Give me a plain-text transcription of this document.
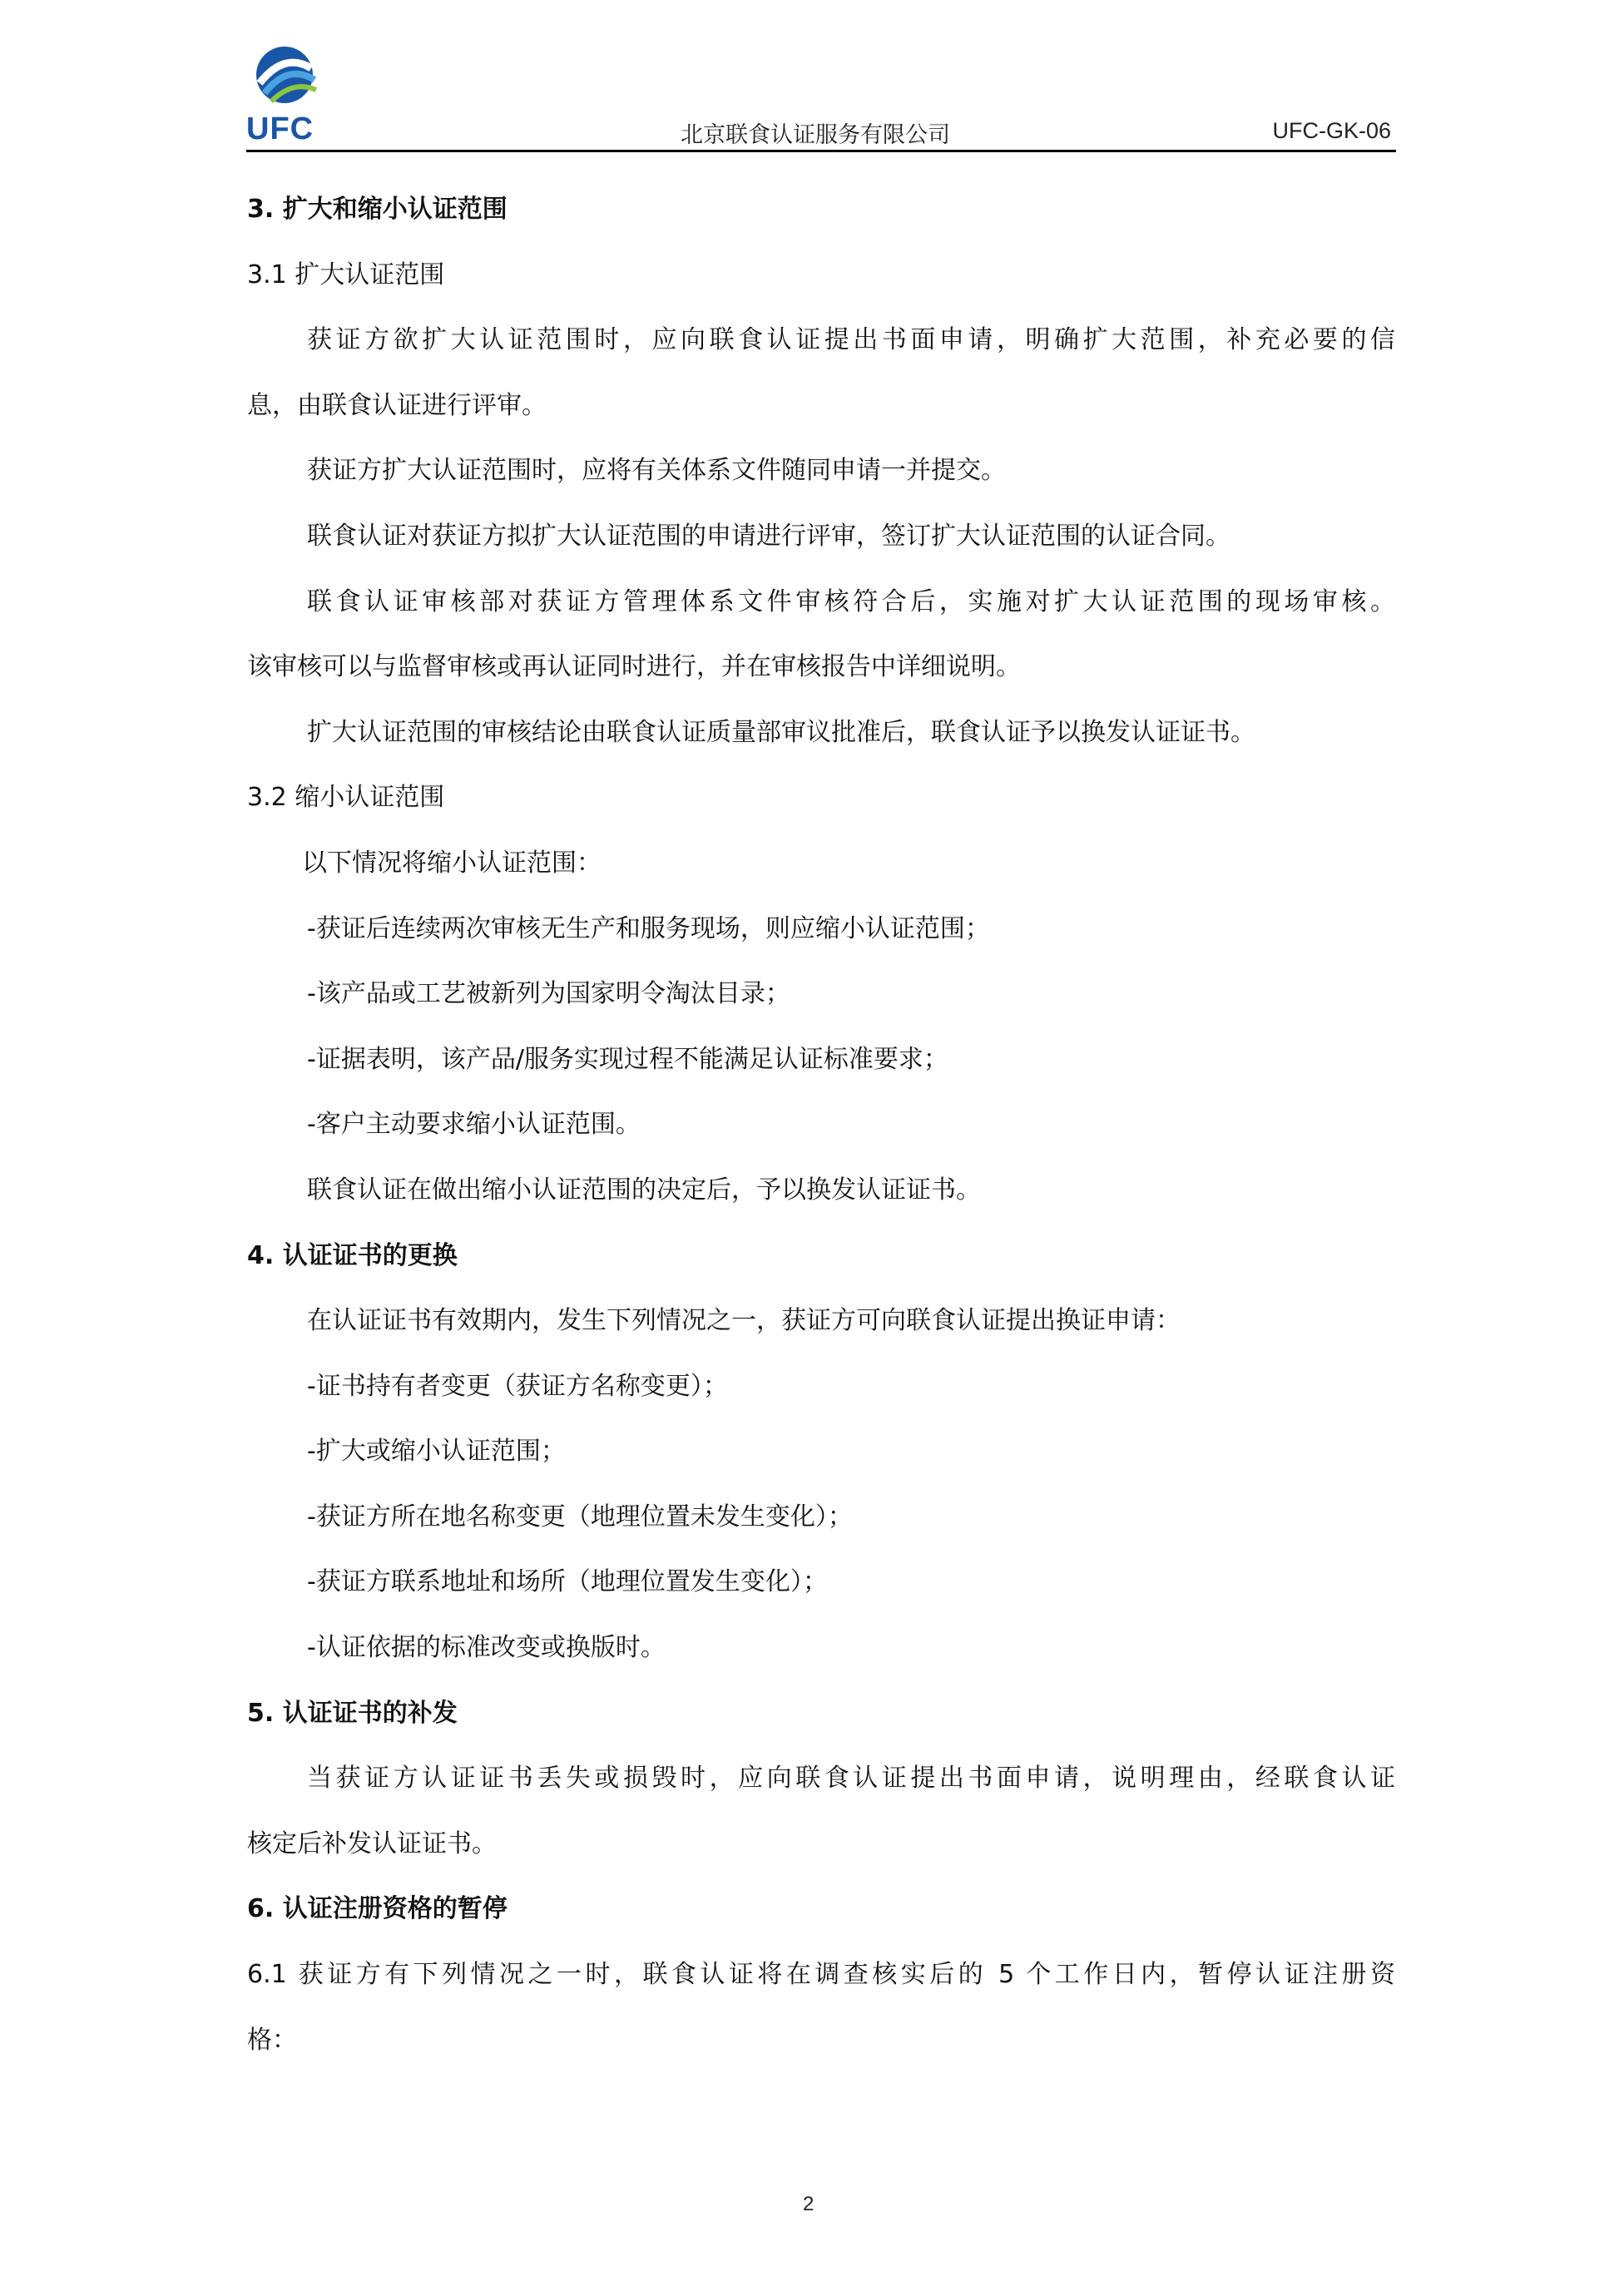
UFC	北京联食认证服务有限公司	UFC-GK-06
3. 扩大和缩小认证范围
3.1 扩大认证范围
获证方欲扩大认证范围时，应向联食认证提出书面申请，明确扩大范围，补充必要的信
息，由联食认证进行评审。
获证方扩大认证范围时，应将有关体系文件随同申请一并提交。
联食认证对获证方拟扩大认证范围的申请进行评审，签订扩大认证范围的认证合同。
联食认证审核部对获证方管理体系文件审核符合后，实施对扩大认证范围的现场审核。
该审核可以与监督审核或再认证同时进行，并在审核报告中详细说明。
扩大认证范围的审核结论由联食认证质量部审议批准后，联食认证予以换发认证证书。
3.2 缩小认证范围
以下情况将缩小认证范围：
-获证后连续两次审核无生产和服务现场，则应缩小认证范围；
-该产品或工艺被新列为国家明令淘汰目录；
-证据表明，该产品/服务实现过程不能满足认证标准要求；
-客户主动要求缩小认证范围。
联食认证在做出缩小认证范围的决定后，予以换发认证证书。
4. 认证证书的更换
在认证证书有效期内，发生下列情况之一，获证方可向联食认证提出换证申请：
-证书持有者变更（获证方名称变更）；
-扩大或缩小认证范围；
-获证方所在地名称变更（地理位置未发生变化）；
-获证方联系地址和场所（地理位置发生变化）；
-认证依据的标准改变或换版时。
5. 认证证书的补发
当获证方认证证书丢失或损毁时，应向联食认证提出书面申请，说明理由，经联食认证
核定后补发认证证书。
6. 认证注册资格的暂停
6.1 获证方有下列情况之一时，联食认证将在调查核实后的 5 个工作日内，暂停认证注册资
格：
2
